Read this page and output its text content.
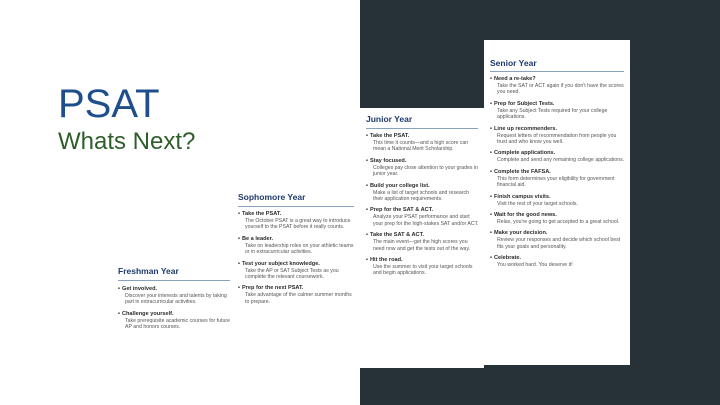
PSAT
Whats Next?
Freshman Year
• Get involved.
Discover your interests and talents by taking part in extracurricular activities.
• Challenge yourself.
Take prerequisite academic courses for future AP and honors courses.
Sophomore Year
• Take the PSAT.
The October PSAT is a great way to introduce yourself to the PSAT before it really counts.
• Be a leader.
Take on leadership roles on your athletic teams or in extracurricular activities.
• Test your subject knowledge.
Take the AP or SAT Subject Tests as you complete the relevant coursework.
• Prep for the next PSAT.
Take advantage of the calmer summer months to prepare.
Junior Year
• Take the PSAT.
This time it counts—and a high score can mean a National Merit Scholarship.
• Stay focused.
Colleges pay close attention to your grades in junior year.
• Build your college list.
Make a list of target schools and research their application requirements.
• Prep for the SAT & ACT.
Analyze your PSAT performance and start your prep for the high-stakes SAT and/or ACT.
• Take the SAT & ACT.
The main event—get the high scores you need now and get the tests out of the way.
• Hit the road.
Use the summer to visit your target schools and begin applications.
Senior Year
• Need a re-take?
Take the SAT or ACT again if you don't have the scores you need.
• Prep for Subject Tests.
Take any Subject Tests required for your college applications.
• Line up recommenders.
Request letters of recommendation from people you trust and who know you well.
• Complete applications.
Complete and send any remaining college applications.
• Complete the FAFSA.
This form determines your eligibility for government financial aid.
• Finish campus visits.
Visit the rest of your target schools.
• Wait for the good news.
Relax, you're going to get accepted to a great school.
• Make your decision.
Review your responses and decide which school best fits your goals and personality.
• Celebrate.
You worked hard. You deserve it!
